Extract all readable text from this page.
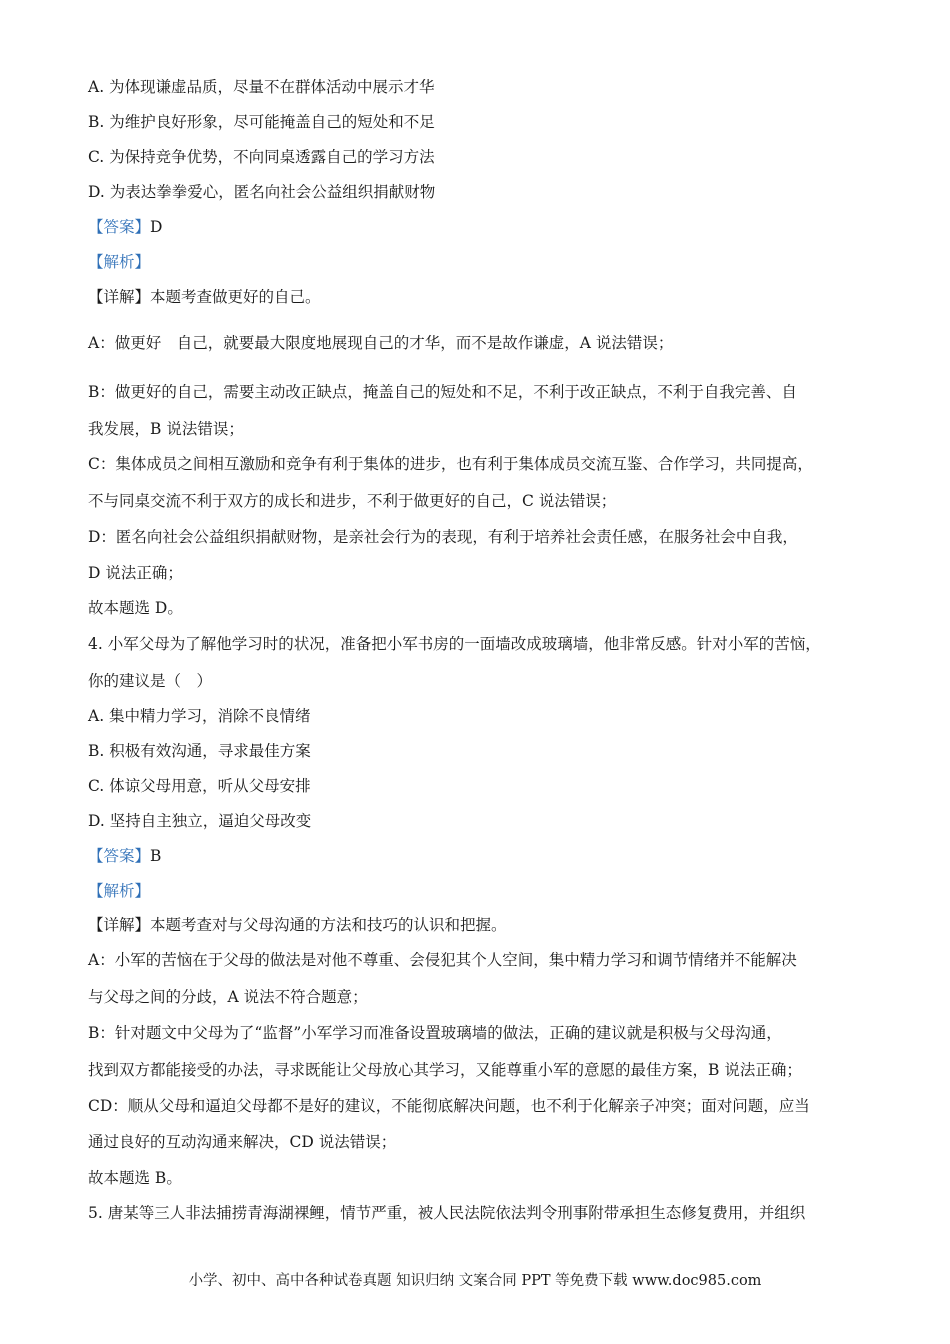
A. 为体现谦虚品质，尽量不在群体活动中展示才华
B. 为维护良好形象，尽可能掩盖自己的短处和不足
C. 为保持竞争优势，不向同桌透露自己的学习方法
D. 为表达拳拳爱心，匿名向社会公益组织捐献财物
【答案】D
【解析】
【详解】本题考查做更好的自己。
A：做更好　自己，就要最大限度地展现自己的才华，而不是故作谦虚，A 说法错误；
B：做更好的自己，需要主动改正缺点，掩盖自己的短处和不足，不利于改正缺点，不利于自我完善、自
我发展，B 说法错误；
C：集体成员之间相互激励和竞争有利于集体的进步，也有利于集体成员交流互鉴、合作学习，共同提高，
不与同桌交流不利于双方的成长和进步，不利于做更好的自己，C 说法错误；
D：匿名向社会公益组织捐献财物，是亲社会行为的表现，有利于培养社会责任感，在服务社会中自我，
D 说法正确；
故本题选 D。
4. 小军父母为了解他学习时的状况，准备把小军书房的一面墙改成玻璃墙，他非常反感。针对小军的苦恼，
你的建议是（　）
A. 集中精力学习，消除不良情绪
B. 积极有效沟通，寻求最佳方案
C. 体谅父母用意，听从父母安排
D. 坚持自主独立，逼迫父母改变
【答案】B
【解析】
【详解】本题考查对与父母沟通的方法和技巧的认识和把握。
A：小军的苦恼在于父母的做法是对他不尊重、会侵犯其个人空间，集中精力学习和调节情绪并不能解决
与父母之间的分歧，A 说法不符合题意；
B：针对题文中父母为了“监督”小军学习而准备设置玻璃墙的做法，正确的建议就是积极与父母沟通，
找到双方都能接受的办法，寻求既能让父母放心其学习，又能尊重小军的意愿的最佳方案，B 说法正确；
CD：顺从父母和逼迫父母都不是好的建议，不能彻底解决问题，也不利于化解亲子冲突；面对问题，应当
通过良好的互动沟通来解决，CD 说法错误；
故本题选 B。
5. 唐某等三人非法捕捞青海湖裸鲤，情节严重，被人民法院依法判令刑事附带承担生态修复费用，并组织
小学、初中、高中各种试卷真题 知识归纳 文案合同 PPT 等免费下载 www.doc985.com
